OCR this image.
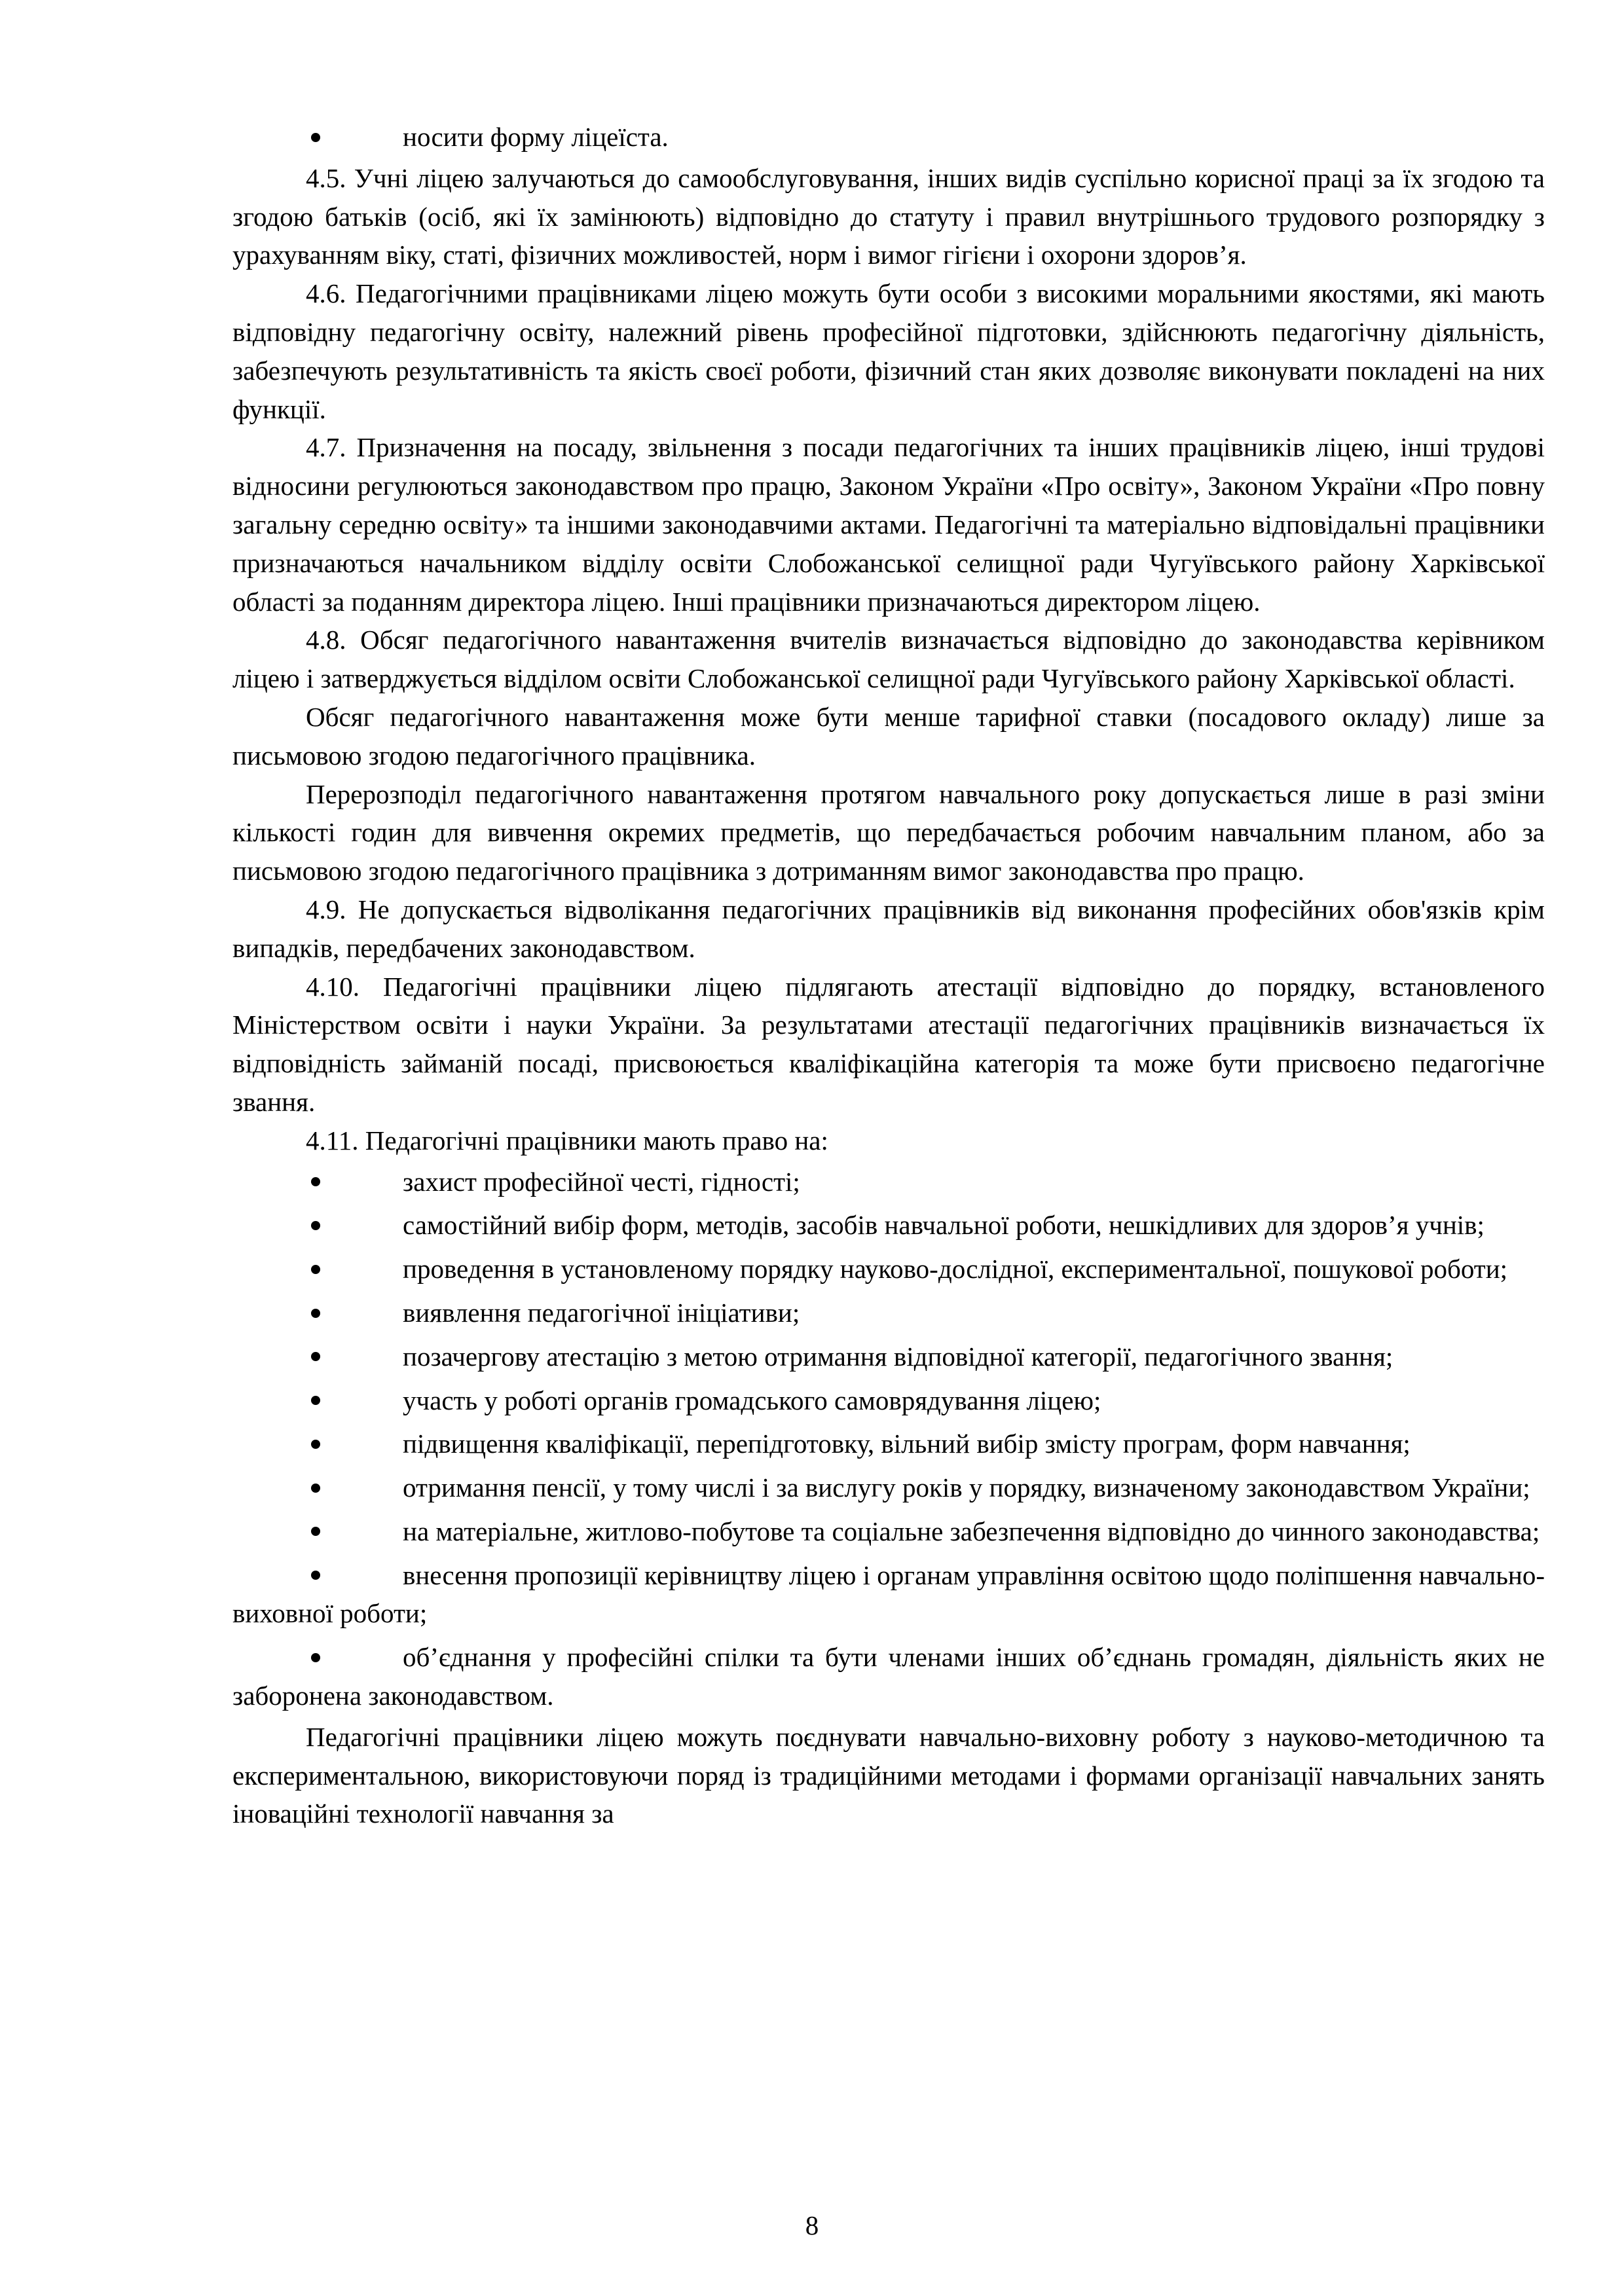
носити форму ліцеїста.

4.5. Учні ліцею залучаються до самообслуговування, інших видів суспільно корисної праці за їх згодою та згодою батьків (осіб, які їх замінюють) відповідно до статуту і правил внутрішнього трудового розпорядку з урахуванням віку, статі, фізичних можливостей, норм і вимог гігієни і охорони здоров’я.

4.6. Педагогічними працівниками ліцею можуть бути особи з високими моральними якостями, які мають відповідну педагогічну освіту, належний рівень професійної підготовки, здійснюють педагогічну діяльність, забезпечують результативність та якість своєї роботи, фізичний стан яких дозволяє виконувати покладені на них функції.

4.7. Призначення на посаду, звільнення з посади педагогічних та інших працівників ліцею, інші трудові відносини регулюються законодавством про працю, Законом України «Про освіту», Законом України «Про повну загальну середню освіту» та іншими законодавчими актами. Педагогічні та матеріально відповідальні працівники призначаються начальником відділу освіти Слобожанської селищної ради Чугуївського району Харківської області за поданням директора ліцею. Інші працівники призначаються директором ліцею.

4.8. Обсяг педагогічного навантаження вчителів визначається відповідно до законодавства керівником ліцею і затверджується відділом освіти Слобожанської селищної ради Чугуївського району Харківської області.

Обсяг педагогічного навантаження може бути менше тарифної ставки (посадового окладу) лише за письмовою згодою педагогічного працівника.

Перерозподіл педагогічного навантаження протягом навчального року допускається лише в разі зміни кількості годин для вивчення окремих предметів, що передбачається робочим навчальним планом, або за письмовою згодою педагогічного працівника з дотриманням вимог законодавства про працю.

4.9. Не допускається відволікання педагогічних працівників від виконання професійних обов'язків крім випадків, передбачених законодавством.

4.10. Педагогічні працівники ліцею підлягають атестації відповідно до порядку, встановленого Міністерством освіти і науки України. За результатами атестації педагогічних працівників визначається їх відповідність займаній посаді, присвоюється кваліфікаційна категорія та може бути присвоєно педагогічне звання.

4.11. Педагогічні працівники мають право на:

захист професійної честі, гідності;

самостійний вибір форм, методів, засобів навчальної роботи, нешкідливих для здоров’я учнів;

проведення в установленому порядку науково-дослідної, експериментальної, пошукової роботи;

виявлення педагогічної ініціативи;

позачергову атестацію з метою отримання відповідної категорії, педагогічного звання;

участь у роботі органів громадського самоврядування ліцею;

підвищення кваліфікації, перепідготовку, вільний вибір змісту програм, форм навчання;

отримання пенсії, у тому числі і за вислугу років у порядку, визначеному законодавством України;

на матеріальне, житлово-побутове та соціальне забезпечення відповідно до чинного законодавства;

внесення пропозиції керівництву ліцею і органам управління освітою щодо поліпшення навчально-виховної роботи;

об’єднання у професійні спілки та бути членами інших об’єднань громадян, діяльність яких не заборонена законодавством.

Педагогічні працівники ліцею можуть поєднувати навчально-виховну роботу з науково-методичною та експериментальною, використовуючи поряд із традиційними методами і формами організації навчальних занять іноваційні технології навчання за

8
